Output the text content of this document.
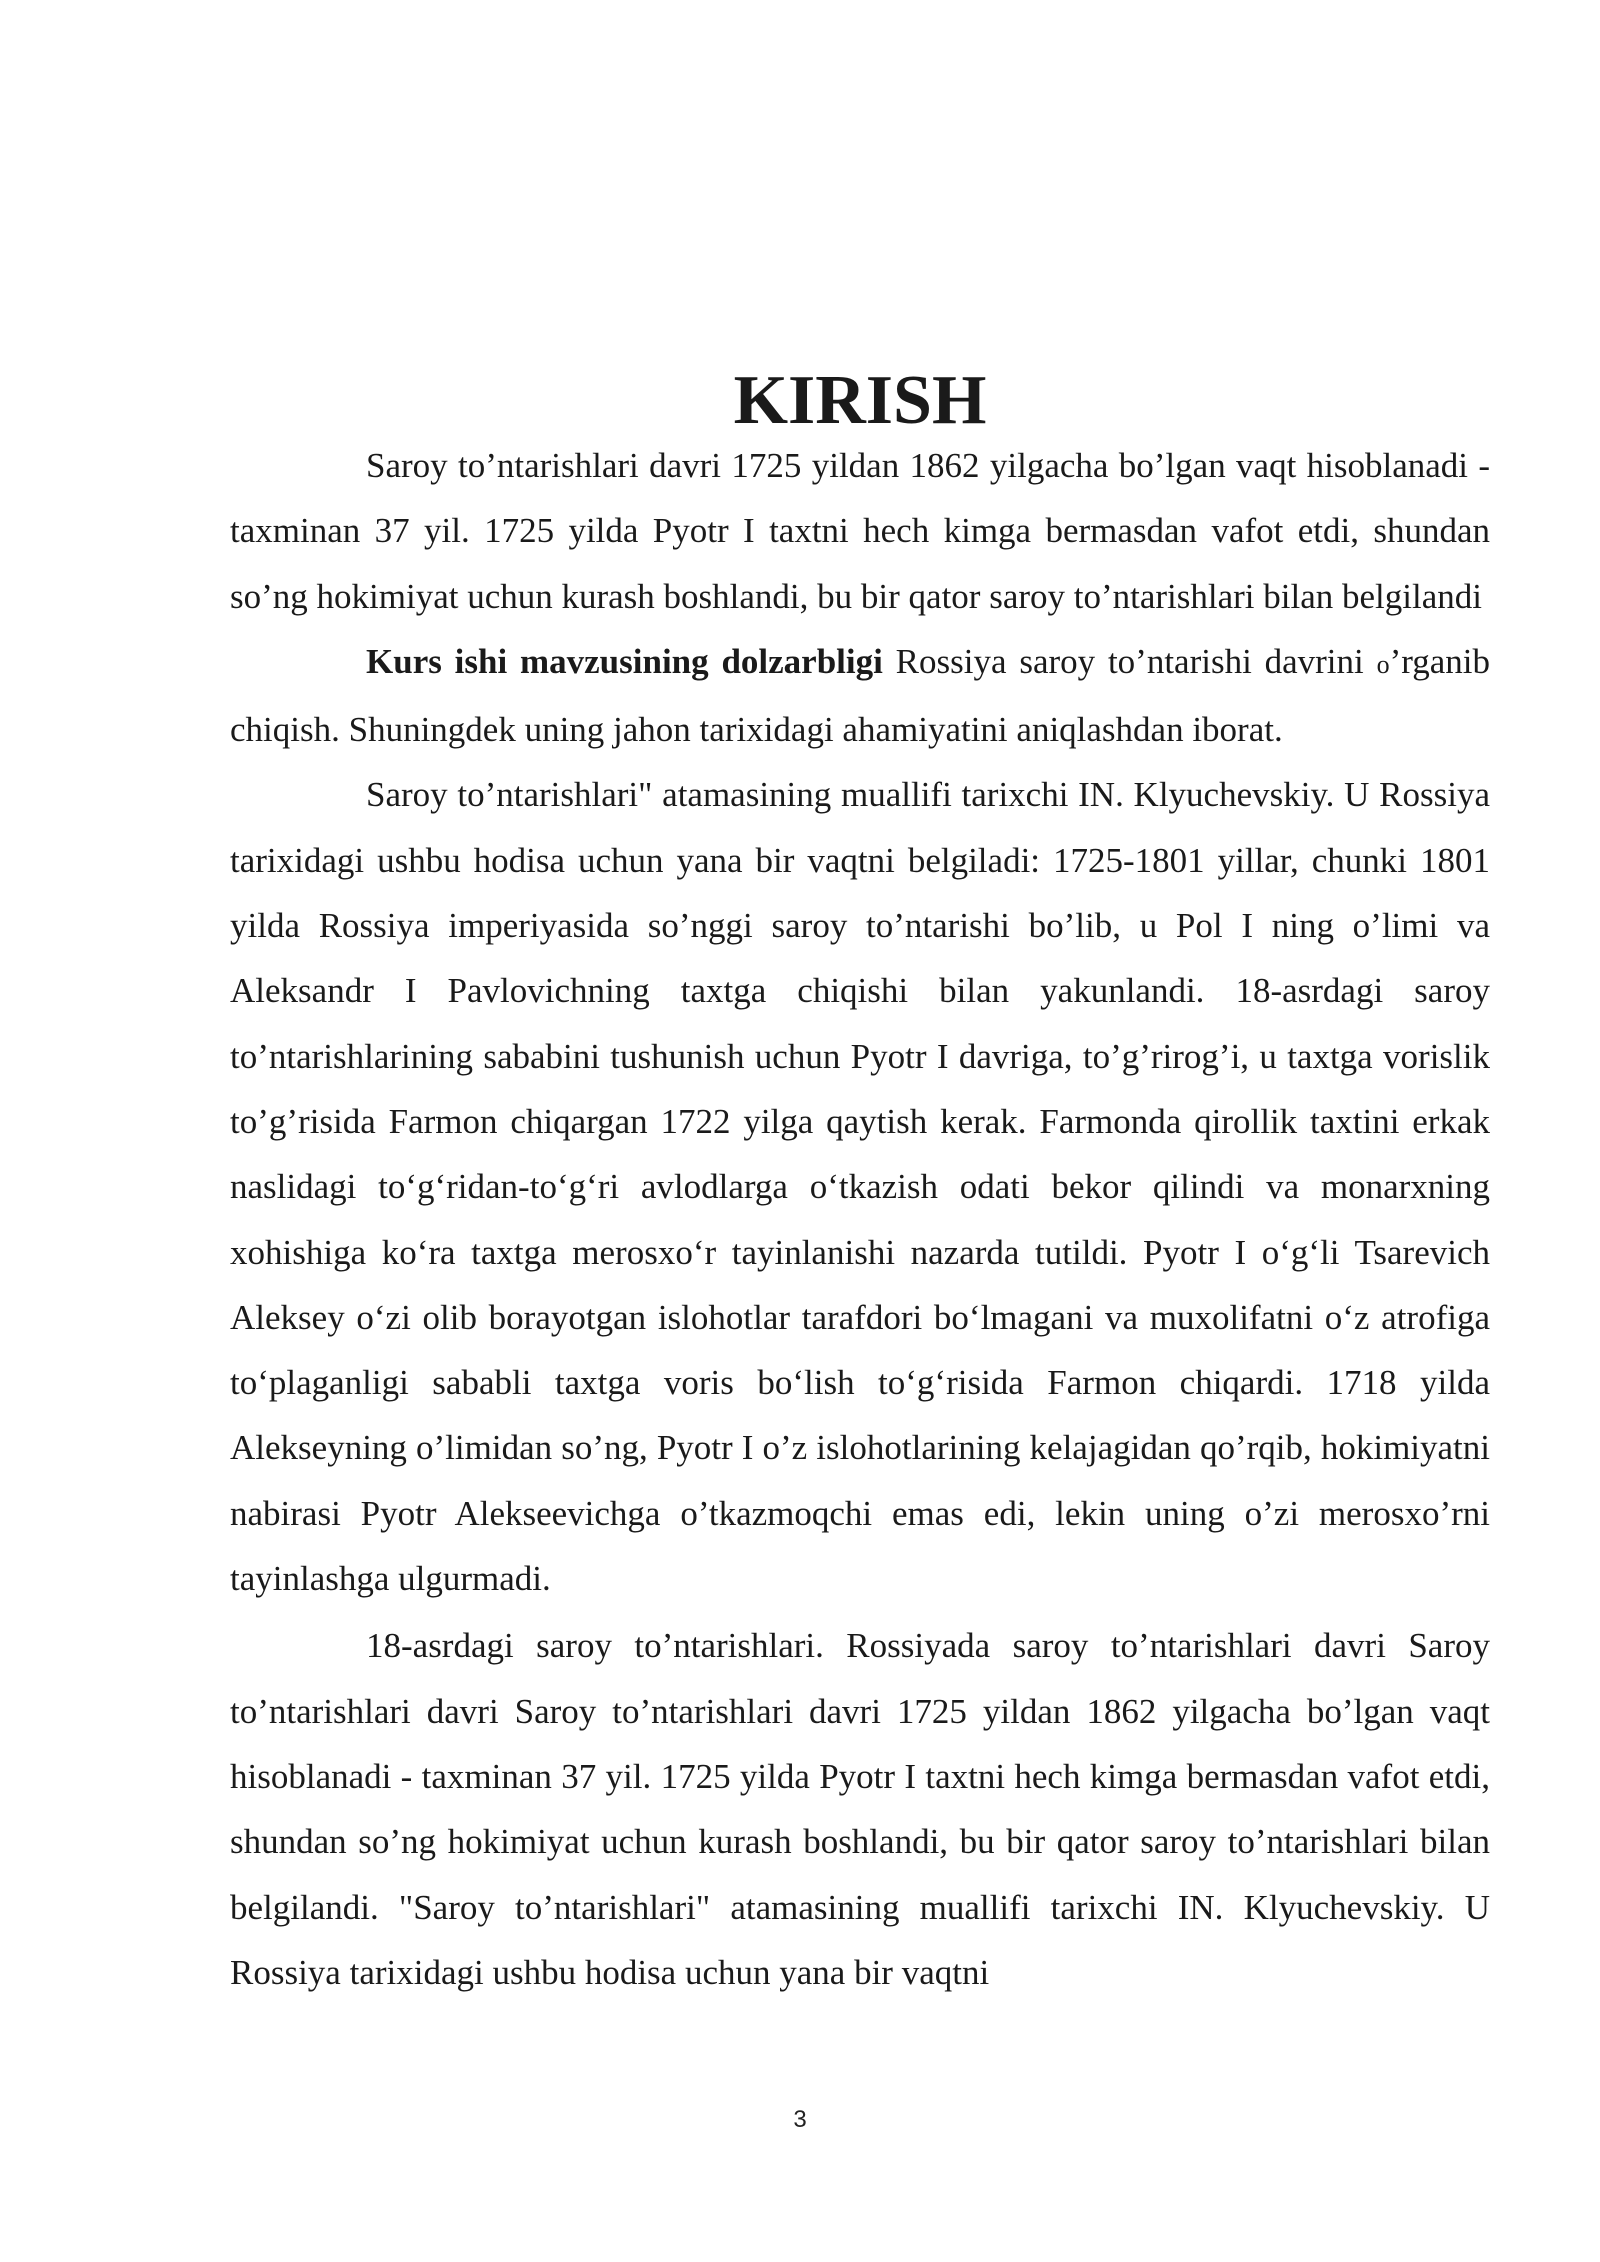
KIRISH

Saroy to’ntarishlari davri 1725 yildan 1862 yilgacha bo’lgan vaqt hisoblanadi - taxminan 37 yil. 1725 yilda Pyotr I taxtni hech kimga bermasdan vafot etdi, shundan so’ng hokimiyat uchun kurash boshlandi, bu bir qator saroy to’ntarishlari bilan belgilandi

Kurs ishi mavzusining dolzarbligi Rossiya saroy to’ntarishi davrini o’rganib chiqish. Shuningdek uning jahon tarixidagi ahamiyatini aniqlashdan iborat.

Saroy to’ntarishlari" atamasining muallifi tarixchi IN. Klyuchevskiy. U Rossiya tarixidagi ushbu hodisa uchun yana bir vaqtni belgiladi: 1725-1801 yillar, chunki 1801 yilda Rossiya imperiyasida so’nggi saroy to’ntarishi bo’lib, u Pol I ning o’limi va Aleksandr I Pavlovichning taxtga chiqishi bilan yakunlandi. 18-asrdagi saroy to’ntarishlarining sababini tushunish uchun Pyotr I davriga, to’g’rirog’i, u taxtga vorislik to’g’risida Farmon chiqargan 1722 yilga qaytish kerak. Farmonda qirollik taxtini erkak naslidagi to‘g‘ridan-to‘g‘ri avlodlarga o‘tkazish odati bekor qilindi va monarxning xohishiga ko‘ra taxtga merosxo‘r tayinlanishi nazarda tutildi. Pyotr I o‘g‘li Tsarevich Aleksey o‘zi olib borayotgan islohotlar tarafdori bo‘lmagani va muxolifatni o‘z atrofiga to‘plaganligi sababli taxtga voris bo‘lish to‘g‘risida Farmon chiqardi. 1718 yilda Alekseyning o’limidan so’ng, Pyotr I o’z islohotlarining kelajagidan qo’rqib, hokimiyatni nabirasi Pyotr Alekseevichga o’tkazmoqchi emas edi, lekin uning o’zi merosxo’rni tayinlashga ulgurmadi.

18-asrdagi saroy to’ntarishlari. Rossiyada saroy to’ntarishlari davri Saroy to’ntarishlari davri Saroy to’ntarishlari davri 1725 yildan 1862 yilgacha bo’lgan vaqt hisoblanadi - taxminan 37 yil. 1725 yilda Pyotr I taxtni hech kimga bermasdan vafot etdi, shundan so’ng hokimiyat uchun kurash boshlandi, bu bir qator saroy to’ntarishlari bilan belgilandi. "Saroy to’ntarishlari" atamasining muallifi tarixchi IN. Klyuchevskiy. U Rossiya tarixidagi ushbu hodisa uchun yana bir vaqtni

3
